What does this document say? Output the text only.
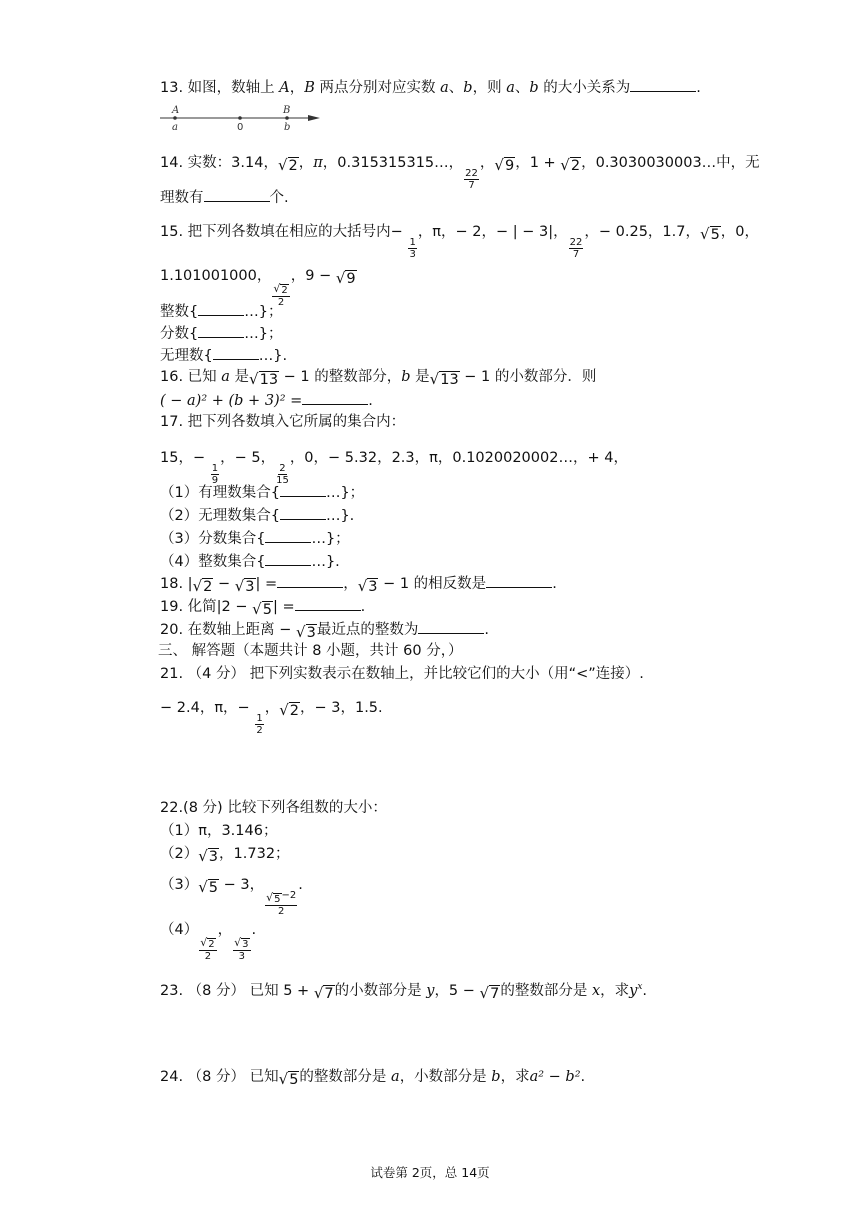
13. 如图，数轴上 A，B 两点分别对应实数 a、b，则 a、b 的大小关系为	.
A	B
a	0	b
14. 实数：3.14， √ 2 ，π，0.315315315…，
$\frac{22}{7}$
， √ 9 ，1 + √ 2 ，0.3030030003…中，无
理数有	个.
15. 把下列各数填在相应的大括号内−
$\frac{1}{3}$
，π，− 2，− | − 3|，
$\frac{22}{7}$
，− 0.25，1.7， √ 5 ，0，
1.101001000，
$\frac{√ 2}{2}$
，9 − √ 9
整数{	…}；
分数{	…}；
无理数{	…}.
16. 已知 a 是 √ 13 − 1 的整数部分，b 是 √ 13 − 1 的小数部分．则
( − a)² + (b + 3)² =	.
17. 把下列各数填入它所属的集合内：
15，−
$\frac{1}{9}$
，− 5，
$\frac{2}{15}$
，0，− 5.32，2.3，π，0.1020020002…，+ 4，
（1）有理数集合{	…}；
（2）无理数集合{	…}.
（3）分数集合{	…}；
（4）整数集合{	…}.
18. | √ 2 − √ 3 | =	， √ 3 − 1 的相反数是	.
19. 化简|2 − √ 5 | =	.
20. 在数轴上距离 − √ 3 最近点的整数为	.
三、 解答题（本题共计 8 小题，共计 60 分，）
21. （4 分） 把下列实数表示在数轴上，并比较它们的大小（用“<”连接）.
− 2.4，π，−
$\frac{1}{2}$
， √ 2 ，− 3，1.5.
22.(8 分) 比较下列各组数的大小：
（1）π，3.146；
（2） √ 3 ，1.732；
（3） √ 5 − 3，
$\frac{√ 5 -2}{2}$
.
（4）
$\frac{√ 2}{2}$
，
$\frac{√ 3}{3}$
.
23. （8 分） 已知 5 + √ 7 的小数部分是 y，5 − √ 7 的整数部分是 x，求$y^x$.
24. （8 分） 已知 √ 5 的整数部分是 a，小数部分是 b，求a² − b².
试卷第 2页，总 14页
